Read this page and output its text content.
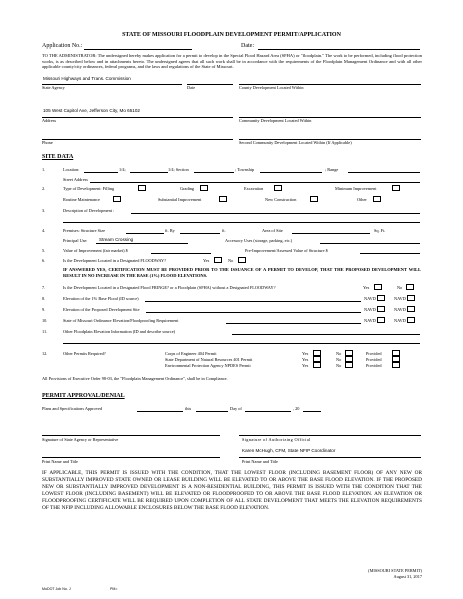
STATE OF MISSOURI FLOODPLAIN DEVELOPMENT PERMIT/APPLICATION
Application No.:	Date:
TO THE ADMINISTRATOR: The undersigned hereby makes application for a permit to develop in the Special Flood Hazard Area (SFHA) or "floodplain." The work to be performed, including flood protection works, is as described below and in attachments hereto. The undersigned agrees that all such work shall be in accordance with the requirements of the Floodplain Management Ordinance and with all other applicable county/city ordinances, federal programs, and the laws and regulations of the State of Missouri.
Missouri Highways and Trans. Commission
State Agency	Date	County Development Located Within
105 West Capitol Ave, Jefferson City, Mo 65102
Address	Community Development Located Within
Phone	Second Community Development Located Within (If Applicable)
SITE DATA
1.	Location:	1/4;	1/4; Section	; Township	; Range
Street Address
2.	Type of Development: Filling	Grading	Excavation	Minimum Improvement
Routine Maintenance	Substantial Improvement	New Construction	Other
3.	Description of Development :
4.	Premises: Structure Size	ft. By	ft.	Area of Site	Sq. Ft.
Principal Use:	Stream Crossing	Accessory Uses (storage, parking, etc.)
5.	Value of Improvement (fair market) $	Pre-Improvement/Assessed Value of Structure $
6.	Is the Development Located in a Designated FLOODWAY?	Yes	No
IF ANSWERED YES, CERTIFICATION MUST BE PROVIDED PRIOR TO THE ISSUANCE OF A PERMIT TO DEVELOP, THAT THE PROPOSED DEVELOPMENT WILL RESULT IN NO INCREASE IN THE BASE (1%) FLOOD ELEVATIONS.
7.	Is the Development Located in a Designated Flood FRINGE? or a Floodplain (SFHA) without a Designated FLOODWAY?	Yes	No
8.	Elevation of the 1% Base Flood (ID source)	NAVD	NAVD
9.	Elevation of the Proposed Development Site	NAVD	NAVD
10.	State of Missouri Ordinance Elevation/Floodproofing Requirement	NAVD	NAVD
11.	Other Floodplain Elevation Information (ID and describe source)
12.	Other Permits Required?	Corps of Engineer 404 Permit	Yes	No	Provided
State Department of Natural Resources 401 Permit	Yes	No	Provided
Environmental Protection Agency NPDES Permit	Yes	No	Provided
All Provisions of Executive Order 98-03, the "Floodplain Management Ordinance", shall be in Compliance.
PERMIT APPROVAL/DENIAL
Plans and Specifications Approved	this	Day of	, 20
Signature of State Agency or Representative	Signature of Authorizing Official
Karen McHugh, CFM, State NFIP Coordinator
Print Name and Title	Print Name and Title
IF APPLICABLE, THIS PERMIT IS ISSUED WITH THE CONDITION, THAT THE LOWEST FLOOR (INCLUDING BASEMENT FLOOR) OF ANY NEW OR SUBSTANTIALLY IMPROVED STATE OWNED OR LEASE BUILDING WILL BE ELEVATED TO OR ABOVE THE BASE FLOOD ELEVATION. IF THE PROPOSED NEW OR SUBSTANTIALLY IMPROVED DEVELOPMENT IS A NON-RESIDENTIAL BUILDING, THIS PERMIT IS ISSUED WITH THE CONDITION THAT THE LOWEST FLOOR (INCLUDING BASEMENT) WILL BE ELEVATED OR FLOODPROOFED TO OR ABOVE THE BASE FLOOD ELEVATION. AN ELEVATION OR FLOODPROOFING CERTIFICATE WILL BE REQUIRED UPON COMPLETION OF ALL STATE DEVELOPMENT THAT MEETS THE ELEVATION REQUIREMENTS OF THE NFIP INCLUDING ALLOWABLE ENCLOSURES BELOW THE BASE FLOOD ELEVATION.
(MISSOURI STATE PERMIT)
August 31, 2017
MoDOT Job No. J	PM=
